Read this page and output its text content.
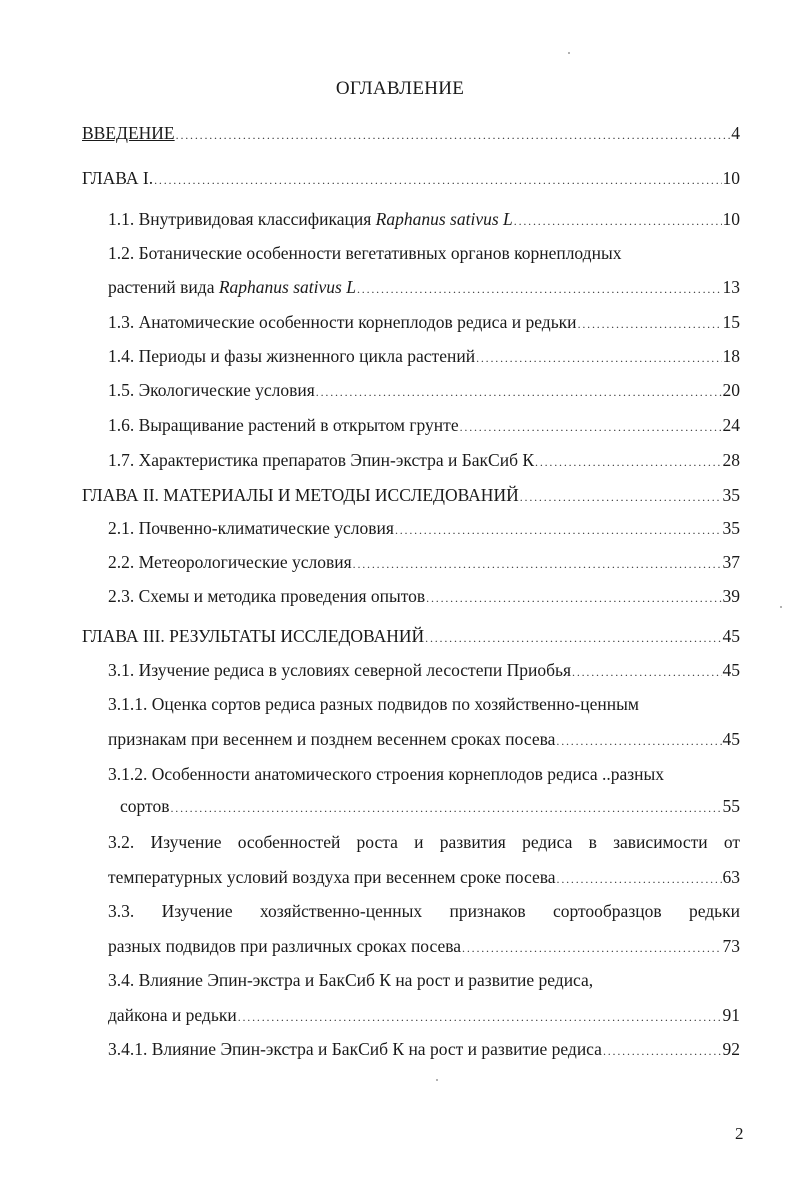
ОГЛАВЛЕНИЕ
ВВЕДЕНИЕ . . .	4
ГЛАВА I. . . .	10
1.1. Внутривидовая классификация Raphanus sativus L . . .	10
1.2. Ботанические особенности вегетативных органов корнеплодных
растений вида Raphanus sativus L . . .	13
1.3. Анатомические особенности корнеплодов редиса и редьки . . .	15
1.4. Периоды и фазы жизненного цикла растений . . .	18
1.5. Экологические условия . . .	20
1.6. Выращивание растений в открытом грунте . . .	24
1.7. Характеристика препаратов Эпин-экстра и БакСиб К . . .	28
ГЛАВА II. МАТЕРИАЛЫ И МЕТОДЫ ИССЛЕДОВАНИЙ . . .	35
2.1. Почвенно-климатические условия . . .	35
2.2. Метеорологические условия . . .	37
2.3. Схемы и методика проведения опытов . . .	39
ГЛАВА III. РЕЗУЛЬТАТЫ ИССЛЕДОВАНИЙ . . .	45
3.1. Изучение редиса в условиях северной лесостепи Приобья . . .	45
3.1.1. Оценка сортов редиса разных подвидов по хозяйственно-ценным
признакам при весеннем и позднем весеннем сроках посева . . .	45
3.1.2. Особенности анатомического строения корнеплодов редиса ..разных
сортов . . .	55
3.2. Изучение особенностей роста и развития редиса в зависимости от
температурных условий воздуха при весеннем сроке посева . . .	63
3.3. Изучение хозяйственно-ценных признаков сортообразцов редьки
разных подвидов при различных сроках посева . . .	73
3.4. Влияние Эпин-экстра и БакСиб К на рост и развитие редиса,
дайкона и редьки . . .	91
3.4.1. Влияние Эпин-экстра и БакСиб К на рост и развитие редиса . . .	92
2
